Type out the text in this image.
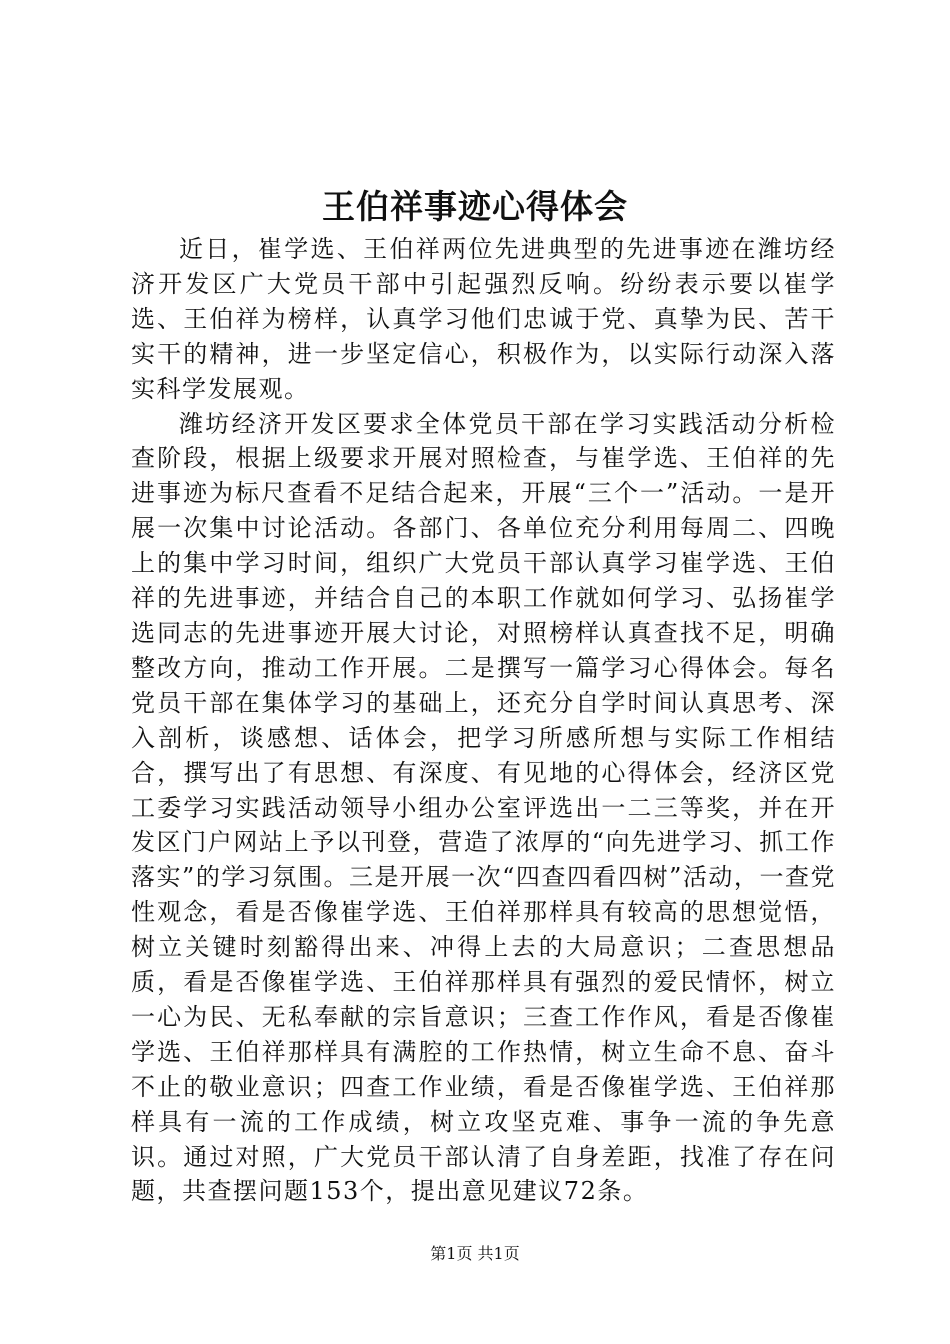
王伯祥事迹心得体会

近日，崔学选、王伯祥两位先进典型的先进事迹在潍坊经济开发区广大党员干部中引起强烈反响。纷纷表示要以崔学选、王伯祥为榜样，认真学习他们忠诚于党、真挚为民、苦干实干的精神，进一步坚定信心，积极作为，以实际行动深入落实科学发展观。

潍坊经济开发区要求全体党员干部在学习实践活动分析检查阶段，根据上级要求开展对照检查，与崔学选、王伯祥的先进事迹为标尺查看不足结合起来，开展“三个一”活动。一是开展一次集中讨论活动。各部门、各单位充分利用每周二、四晚上的集中学习时间，组织广大党员干部认真学习崔学选、王伯祥的先进事迹，并结合自己的本职工作就如何学习、弘扬崔学选同志的先进事迹开展大讨论，对照榜样认真查找不足，明确整改方向，推动工作开展。二是撰写一篇学习心得体会。每名党员干部在集体学习的基础上，还充分自学时间认真思考、深入剖析，谈感想、话体会，把学习所感所想与实际工作相结合，撰写出了有思想、有深度、有见地的心得体会，经济区党工委学习实践活动领导小组办公室评选出一二三等奖，并在开发区门户网站上予以刊登，营造了浓厚的“向先进学习、抓工作落实”的学习氛围。三是开展一次“四查四看四树”活动，一查党性观念，看是否像崔学选、王伯祥那样具有较高的思想觉悟，树立关键时刻豁得出来、冲得上去的大局意识；二查思想品质，看是否像崔学选、王伯祥那样具有强烈的爱民情怀，树立一心为民、无私奉献的宗旨意识；三查工作作风，看是否像崔学选、王伯祥那样具有满腔的工作热情，树立生命不息、奋斗不止的敬业意识；四查工作业绩，看是否像崔学选、王伯祥那样具有一流的工作成绩，树立攻坚克难、事争一流的争先意识。通过对照，广大党员干部认清了自身差距，找准了存在问题，共查摆问题153个，提出意见建议72条。

第1页 共1页
